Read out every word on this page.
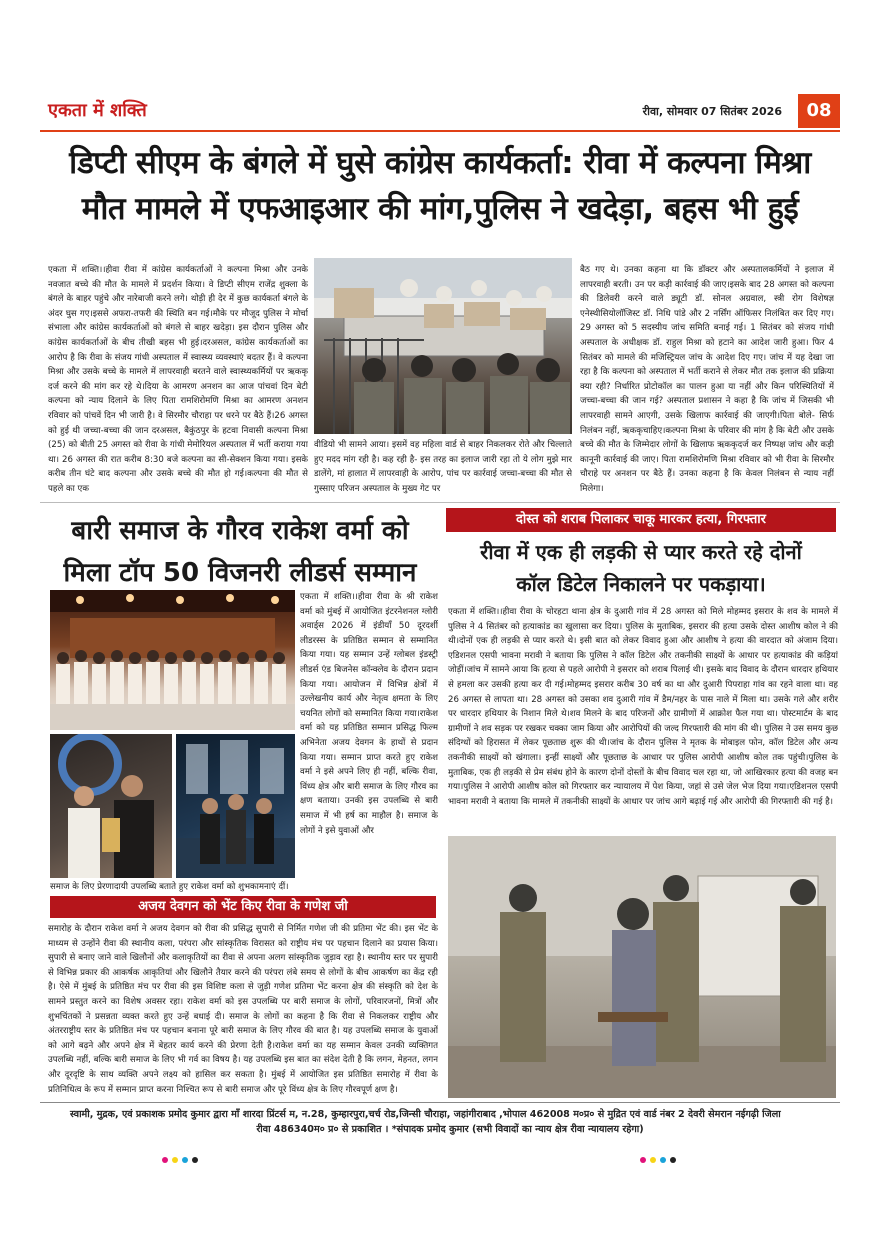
एकता में शक्ति	रीवा, सोमवार 07 सितंबर 2026	08
डिप्टी सीएम के बंगले में घुसे कांग्रेस कार्यकर्ता: रीवा में कल्पना मिश्रा
मौत मामले में एफआइआर की मांग,पुलिस ने खदेड़ा, बहस भी हुई
एकता में शक्ति।।हीवा रीवा में कांग्रेस कार्यकर्ताओं ने कल्पना मिश्रा और उनके नवजात बच्चे की मौत के मामले में प्रदर्शन किया। वे डिप्टी सीएम राजेंद्र शुक्ला के बंगले के बाहर पहुंचे और नारेबाजी करने लगे। थोड़ी ही देर में कुछ कार्यकर्ता बंगले के अंदर घुस गए।इससे अफरा-तफरी की स्थिति बन गई।मौके पर मौजूद पुलिस ने मोर्चा संभाला और कांग्रेस कार्यकर्ताओं को बंगले से बाहर खदेड़ा। इस दौरान पुलिस और कांग्रेस कार्यकर्ताओं के बीच तीखी बहस भी हुई।दरअसल, कांग्रेस कार्यकर्ताओं का आरोप है कि रीवा के संजय गांधी अस्पताल में स्वास्थ्य व्यवस्थाएं बदतर हैं। वे कल्पना मिश्रा और उसके बच्चे के मामले में लापरवाही बरतने वाले स्वास्थ्यकर्मियों पर ऋककृ दर्ज करने की मांग कर रहे थे।दिया के आमरण अनशन का आज पांचवां दिन बेटी कल्पना को न्याय दिलाने के लिए पिता रामशिरोमणि मिश्रा का आमरण अनशन रविवार को पांचवें दिन भी जारी है। वे सिरमौर चौराहा पर धरने पर बैठे हैं।26 अगस्त को हुई थी जच्चा-बच्चा की जान दरअसल, बैकुंठपुर के हटवा निवासी कल्पना मिश्रा (25) को बीती 25 अगस्त को रीवा के गांधी मेमोरियल अस्पताल में भर्ती कराया गया था। 26 अगस्त की रात करीब 8:30 बजे कल्पना का सी-सेक्शन किया गया। इसके करीब तीन घंटे बाद कल्पना और उसके बच्चे की मौत हो गई।कल्पना की मौत से पहले का एक
वीडियो भी सामने आया। इसमें वह महिला वार्ड से बाहर निकलकर रोते और चिल्लाते हुए मदद मांग रही है। कह रही है- इस तरह का इलाज जारी रहा तो ये लोग मुझे मार डालेंगे, मां हालात में लापरवाही के आरोप, पांच पर कार्रवाई जच्चा-बच्चा की मौत से गुस्साए परिजन अस्पताल के मुख्य गेट पर
बैठ गए थे। उनका कहना था कि डॉक्टर और अस्पतालकर्मियों ने इलाज में लापरवाही बरती। उन पर कड़ी कार्रवाई की जाए।इसके बाद 28 अगस्त को कल्पना की डिलेवरी करने वाले ड्यूटी डॉ. सोनल अग्रवाल, स्त्री रोग विशेषज्ञ एनेस्थीसियोलॉजिस्ट डॉ. निधि पांडे और 2 नर्सिंग ऑफिसर निलंबित कर दिए गए। 29 अगस्त को 5 सदस्यीय जांच समिति बनाई गई। 1 सितंबर को संजय गांधी अस्पताल के अधीक्षक डॉ. राहुल मिश्रा को हटाने का आदेश जारी हुआ। फिर 4 सितंबर को मामले की मजिस्ट्रियल जांच के आदेश दिए गए। जांच में यह देखा जा रहा है कि कल्पना को अस्पताल में भर्ती कराने से लेकर मौत तक इलाज की प्रक्रिया क्या रही? निर्धारित प्रोटोकॉल का पालन हुआ या नहीं और किन परिस्थितियों में जच्चा-बच्चा की जान गई? अस्पताल प्रशासन ने कहा है कि जांच में जिसकी भी लापरवाही सामने आएगी, उसके खिलाफ कार्रवाई की जाएगी।पिता बोले- सिर्फ निलंबन नहीं, ऋककृचाहिए।कल्पना मिश्रा के परिवार की मांग है कि बेटी और उसके बच्चे की मौत के जिम्मेदार लोगों के खिलाफ ऋककृदर्ज कर निष्पक्ष जांच और कड़ी कानूनी कार्रवाई की जाए। पिता रामशिरोमणि मिश्रा रविवार को भी रीवा के सिरमौर चौराहे पर अनशन पर बैठे हैं। उनका कहना है कि केवल निलंबन से न्याय नहीं मिलेगा।
बारी समाज के गौरव राकेश वर्मा को
मिला टॉप 50 विजनरी लीडर्स सम्मान
एकता में शक्ति।।हीवा रीवा के श्री राकेश वर्मा को मुंबई में आयोजित इंटरनेशनल ग्लोरी अवार्ड्स 2026 में इंडीयाँ 50 दूरदर्शी लीडरस्स के प्रतिष्ठित सम्मान से सम्मानित किया गया। यह सम्मान उन्हें ग्लोबल इंडस्ट्री लीडर्स एंड बिजनेस कॉन्क्लेव के दौरान प्रदान किया गया। आयोजन में विभिन्न क्षेत्रों में उल्लेखनीय कार्य और नेतृत्व क्षमता के लिए चयनित लोगों को सम्मानित किया गया।राकेश वर्मा को यह प्रतिष्ठित सम्मान प्रसिद्ध फिल्म अभिनेता अजय देवगन के हाथों से प्रदान किया गया। सम्मान प्राप्त करते हुए राकेश वर्मा ने इसे अपने लिए ही नहीं, बल्कि रीवा, विंध्य क्षेत्र और बारी समाज के लिए गौरव का क्षण बताया। उनकी इस उपलब्धि से बारी समाज में भी हर्ष का माहौल है। समाज के लोगों ने इसे युवाओं और
समाज के लिए प्रेरणादायी उपलब्धि बताते हुए राकेश वर्मा को शुभकामनाएं दीं।
अजय देवगन को भेंट किए रीवा के गणेश जी
समारोह के दौरान राकेश वर्मा ने अजय देवगन को रीवा की प्रसिद्ध सुपारी से निर्मित गणेश जी की प्रतिमा भेंट की। इस भेंट के माध्यम से उन्होंने रीवा की स्थानीय कला, परंपरा और सांस्कृतिक विरासत को राष्ट्रीय मंच पर पहचान दिलाने का प्रयास किया।सुपारी से बनाए जाने वाले खिलौनों और कलाकृतियों का रीवा से अपना अलग सांस्कृतिक जुड़ाव रहा है। स्थानीय स्तर पर सुपारी से विभिन्न प्रकार की आकर्षक आकृतियां और खिलौने तैयार करने की परंपरा लंबे समय से लोगों के बीच आकर्षण का केंद्र रही है। ऐसे में मुंबई के प्रतिष्ठित मंच पर रीवा की इस विशिष्ट कला से जुड़ी गणेश प्रतिमा भेंट करना क्षेत्र की संस्कृति को देश के सामने प्रस्तुत करने का विशेष अवसर रहा। राकेश वर्मा को इस उपलब्धि पर बारी समाज के लोगों, परिवारजनों, मित्रों और शुभचिंतकों ने प्रसन्नता व्यक्त करते हुए उन्हें बधाई दी। समाज के लोगों का कहना है कि रीवा से निकलकर राष्ट्रीय और अंतरराष्ट्रीय स्तर के प्रतिष्ठित मंच पर पहचान बनाना पूरे बारी समाज के लिए गौरव की बात है। यह उपलब्धि समाज के युवाओं को आगे बढ़ने और अपने क्षेत्र में बेहतर कार्य करने की प्रेरणा देती है।राकेश वर्मा का यह सम्मान केवल उनकी व्यक्तिगत उपलब्धि नहीं, बल्कि बारी समाज के लिए भी गर्व का विषय है। यह उपलब्धि इस बात का संदेश देती है कि लगन, मेहनत, लगन और दूरदृष्टि के साथ व्यक्ति अपने लक्ष्य को हासिल कर सकता है। मुंबई में आयोजित इस प्रतिष्ठित समारोह में रीवा के प्रतिनिधित्व के रूप में सम्मान प्राप्त करना निश्चित रूप से बारी समाज और पूरे विंध्य क्षेत्र के लिए गौरवपूर्ण क्षण है।
दोस्त को शराब पिलाकर चाकू मारकर हत्या, गिरफ्तार
रीवा में एक ही लड़की से प्यार करते रहे दोनों
कॉल डिटेल निकालने पर पकड़ाया।
एकता में शक्ति।।हीवा रीवा के चोरहटा थाना क्षेत्र के दुआरी गांव में 28 अगस्त को मिले मोहम्मद इसरार के शव के मामले में पुलिस ने 4 सितंबर को हत्याकांड का खुलासा कर दिया। पुलिस के मुताबिक, इसरार की हत्या उसके दोस्त आशीष कोल ने की थी।दोनों एक ही लड़की से प्यार करते थे। इसी बात को लेकर विवाद हुआ और आशीष ने हत्या की वारदात को अंजाम दिया। एडिशनल एसपी भावना मरावी ने बताया कि पुलिस ने कॉल डिटेल और तकनीकी साक्ष्यों के आधार पर हत्याकांड की कड़ियां जोड़ीं।जांच में सामने आया कि हत्या से पहले आरोपी ने इसरार को शराब पिलाई थी। इसके बाद विवाद के दौरान धारदार हथियार से हमला कर उसकी हत्या कर दी गई।मोहम्मद इसरार करीब 30 वर्ष का था और दुआरी पिपराहा गांव का रहने वाला था। वह 26 अगस्त से लापता था। 28 अगस्त को उसका शव दुआरी गांव में डैम/नहर के पास नाले में मिला था। उसके गले और शरीर पर धारदार हथियार के निशान मिले थे।शव मिलने के बाद परिजनों और ग्रामीणों में आक्रोश फैल गया था। पोस्टमार्टम के बाद ग्रामीणों ने शव सड़क पर रखकर चक्का जाम किया और आरोपियों की जल्द गिरफ्तारी की मांग की थी। पुलिस ने उस समय कुछ संदिग्धों को हिरासत में लेकर पूछताछ शुरू की थी।जांच के दौरान पुलिस ने मृतक के मोबाइल फोन, कॉल डिटेल और अन्य तकनीकी साक्ष्यों को खंगाला। इन्हीं साक्ष्यों और पूछताछ के आधार पर पुलिस आरोपी आशीष कोल तक पहुंची।पुलिस के मुताबिक, एक ही लड़की से प्रेम संबंध होने के कारण दोनों दोस्तों के बीच विवाद चल रहा था, जो आखिरकार हत्या की वजह बन गया।पुलिस ने आरोपी आशीष कोल को गिरफ्तार कर न्यायालय में पेश किया, जहां से उसे जेल भेज दिया गया।एडिशनल एसपी भावना मरावी ने बताया कि मामले में तकनीकी साक्ष्यों के आधार पर जांच आगे बढ़ाई गई और आरोपी की गिरफ्तारी की गई है।
स्वामी, मुद्रक, एवं प्रकाशक प्रमोद कुमार द्वारा माँ शारदा प्रिंटर्स म, न.28, कुम्हारपुरा,चर्च रोड,जिन्सी चौराहा, जहांगीराबाद ,भोपाल 462008 म०प्र० से मुद्रित एवं वार्ड नंबर 2 देवरी सेमरान नईगढ़ी जिला
रीवा 486340म० प्र० से प्रकाशित । *संपादक प्रमोद कुमार (सभी विवादों का न्याय क्षेत्र रीवा न्यायालय रहेगा)
